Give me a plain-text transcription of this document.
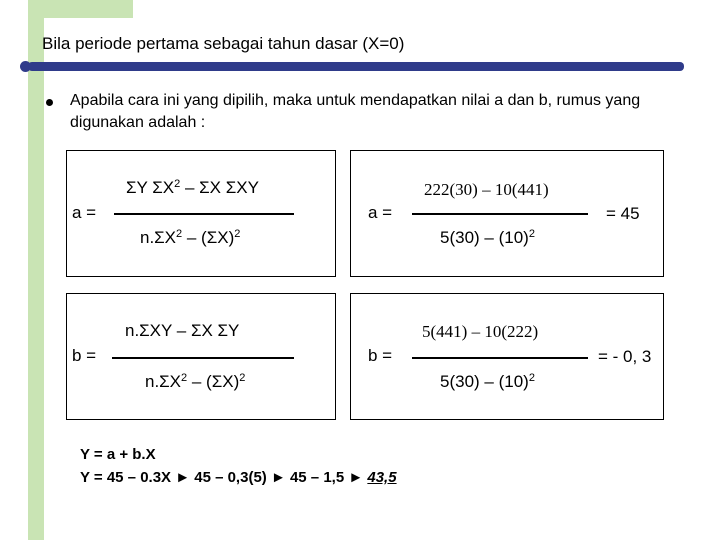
Bila periode pertama sebagai tahun dasar (X=0)
Apabila cara ini yang dipilih, maka untuk mendapatkan nilai a dan b, rumus yang digunakan adalah :
a =
ΣY $\Sigma X^2$ – ΣX ΣXY
$n.\Sigma X^2 - (\Sigma X)^2$
a =
222(30) – 10(441)
$5(30) - (10)^2$
= 45
b =
n.ΣXY – ΣX ΣY
$n.\Sigma X^2 - (\Sigma X)^2$
b =
5(441) – 10(222)
$5(30) - (10)^2$
= - 0, 3
Y = a + b.X
Y = 45 – 0.3X ► 45 – 0,3(5) ► 45 – 1,5 ► 43,5
